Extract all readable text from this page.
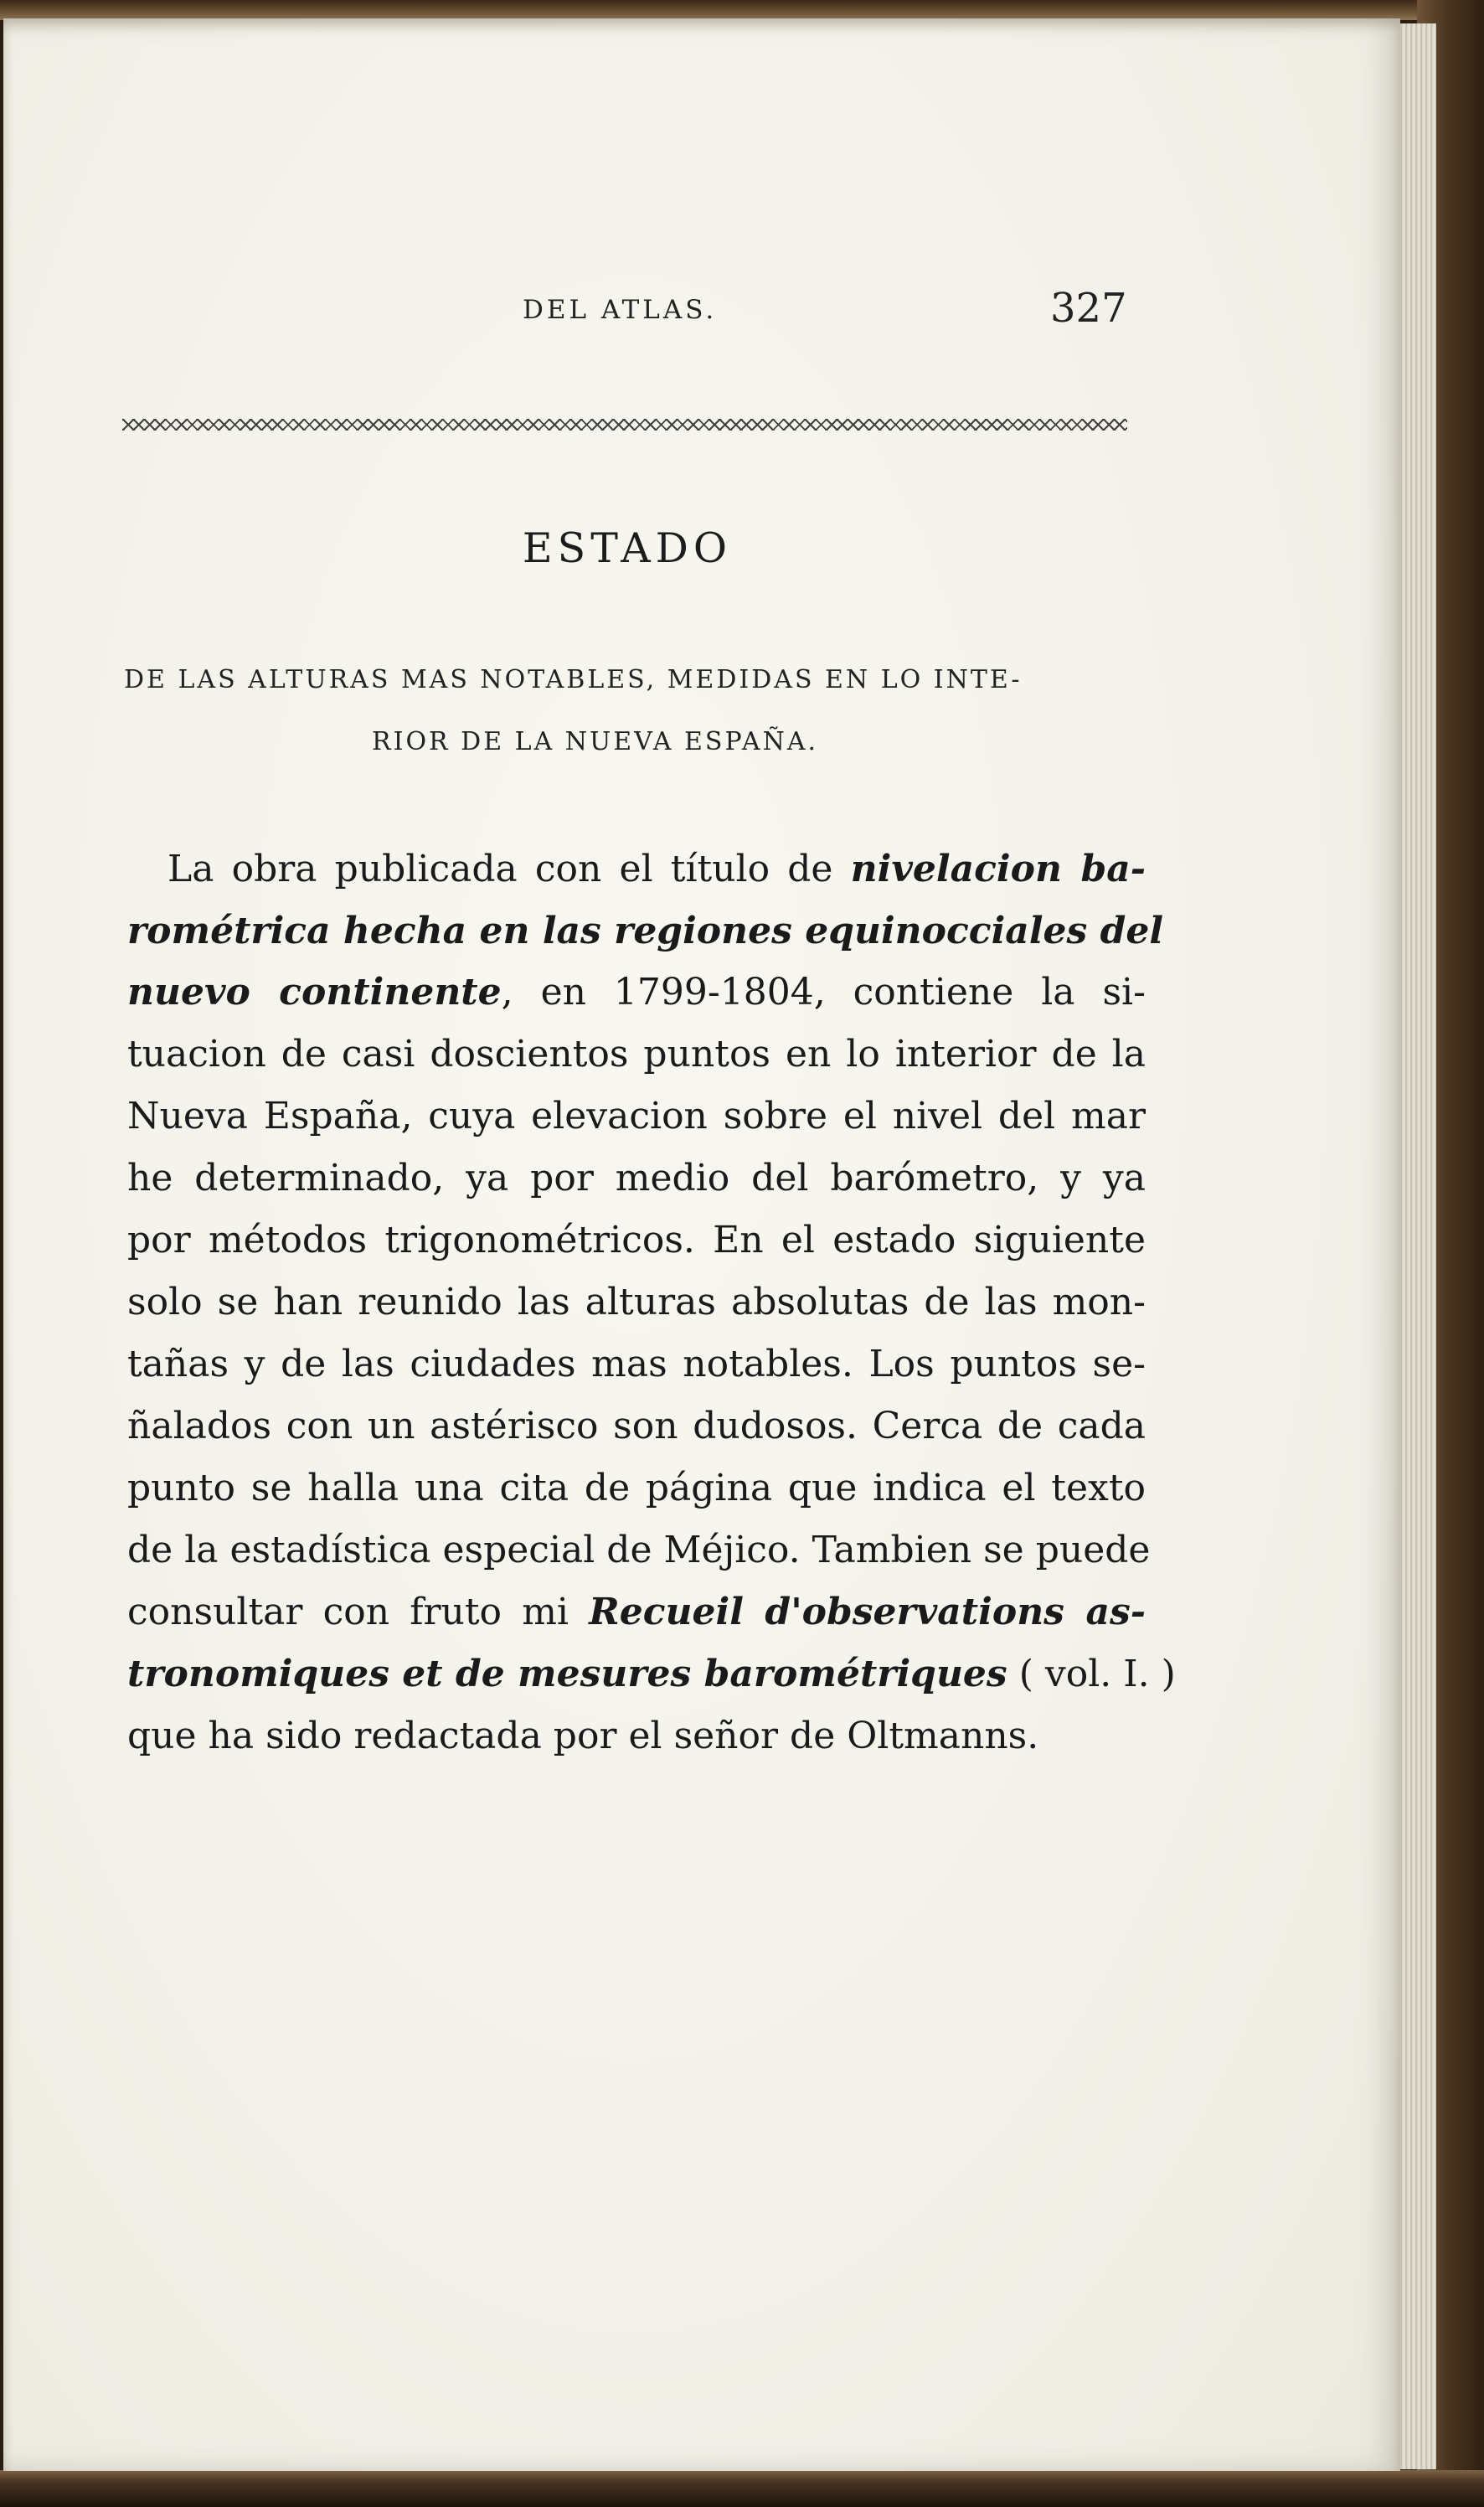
DEL ATLAS.	327
ESTADO
DE LAS ALTURAS MAS NOTABLES, MEDIDAS EN LO INTE-
RIOR DE LA NUEVA ESPAÑA.
La obra publicada con el título de nivelacion ba-
rométrica hecha en las regiones equinocciales del
nuevo continente, en 1799-1804, contiene la si-
tuacion de casi doscientos puntos en lo interior de la
Nueva España, cuya elevacion sobre el nivel del mar
he determinado, ya por medio del barómetro, y ya
por métodos trigonométricos. En el estado siguiente
solo se han reunido las alturas absolutas de las mon-
tañas y de las ciudades mas notables. Los puntos se-
ñalados con un astérisco son dudosos. Cerca de cada
punto se halla una cita de página que indica el texto
de la estadística especial de Méjico. Tambien se puede
consultar con fruto mi Recueil d'observations as-
tronomiques et de mesures barométriques ( vol. I. )
que ha sido redactada por el señor de Oltmanns.
